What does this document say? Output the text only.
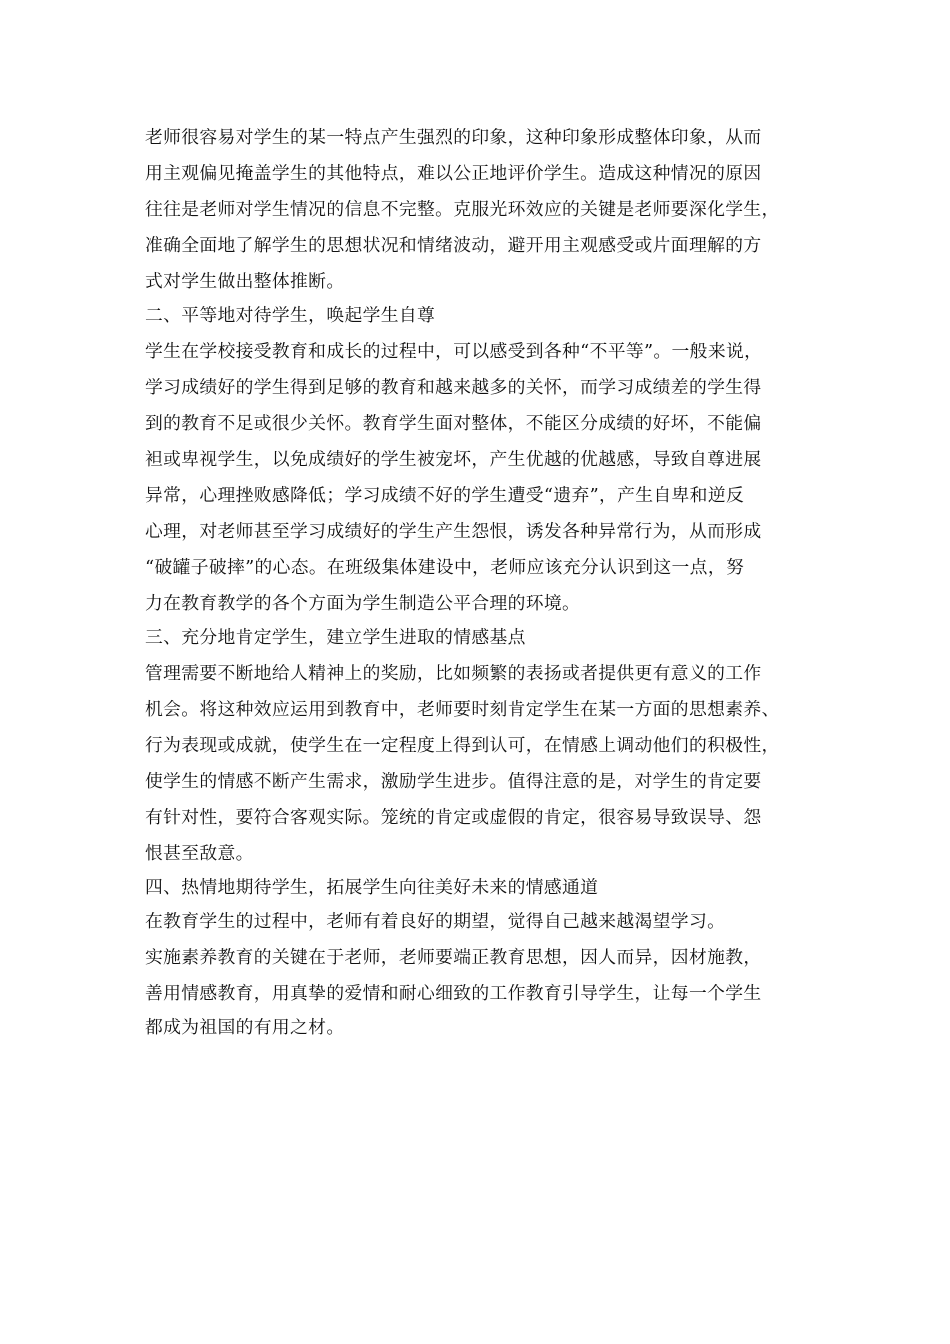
老师很容易对学生的某一特点产生强烈的印象，这种印象形成整体印象，从而
用主观偏见掩盖学生的其他特点，难以公正地评价学生。造成这种情况的原因
往往是老师对学生情况的信息不完整。克服光环效应的关键是老师要深化学生，
准确全面地了解学生的思想状况和情绪波动，避开用主观感受或片面理解的方
式对学生做出整体推断。
二、平等地对待学生，唤起学生自尊
学生在学校接受教育和成长的过程中，可以感受到各种“不平等”。一般来说，
学习成绩好的学生得到足够的教育和越来越多的关怀，而学习成绩差的学生得
到的教育不足或很少关怀。教育学生面对整体，不能区分成绩的好坏，不能偏
袒或卑视学生，以免成绩好的学生被宠坏，产生优越的优越感，导致自尊进展
异常，心理挫败感降低；学习成绩不好的学生遭受“遗弃”，产生自卑和逆反
心理，对老师甚至学习成绩好的学生产生怨恨，诱发各种异常行为，从而形成
“破罐子破摔”的心态。在班级集体建设中，老师应该充分认识到这一点，努
力在教育教学的各个方面为学生制造公平合理的环境。
三、充分地肯定学生，建立学生进取的情感基点
管理需要不断地给人精神上的奖励，比如频繁的表扬或者提供更有意义的工作
机会。将这种效应运用到教育中，老师要时刻肯定学生在某一方面的思想素养、
行为表现或成就，使学生在一定程度上得到认可，在情感上调动他们的积极性，
使学生的情感不断产生需求，激励学生进步。值得注意的是，对学生的肯定要
有针对性，要符合客观实际。笼统的肯定或虚假的肯定，很容易导致误导、怨
恨甚至敌意。
四、热情地期待学生，拓展学生向往美好未来的情感通道
在教育学生的过程中，老师有着良好的期望，觉得自己越来越渴望学习。
实施素养教育的关键在于老师，老师要端正教育思想，因人而异，因材施教，
善用情感教育，用真挚的爱情和耐心细致的工作教育引导学生，让每一个学生
都成为祖国的有用之材。
